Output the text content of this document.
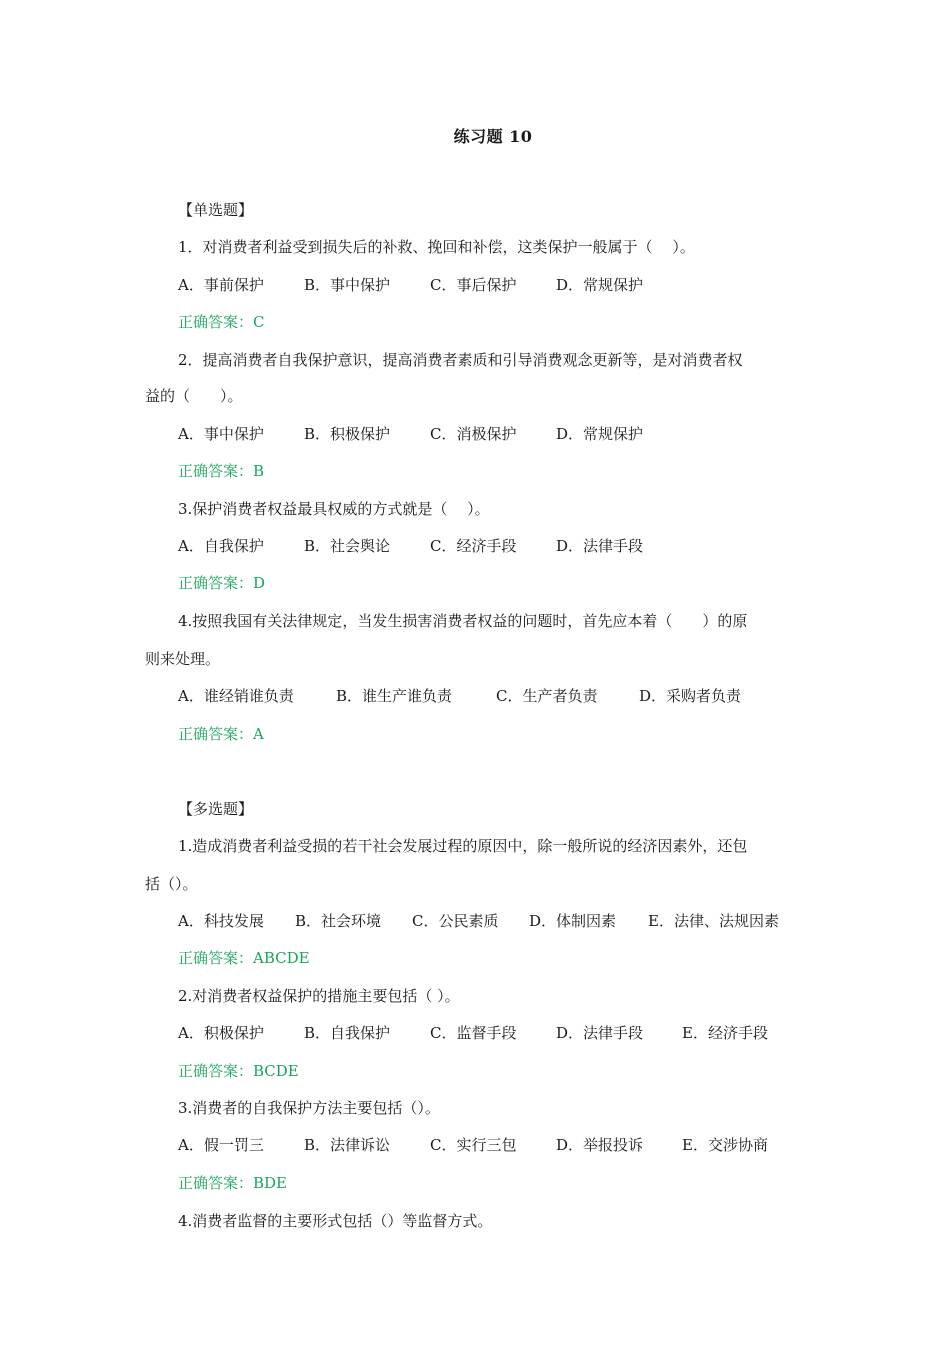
练习题 10
【单选题】
1．对消费者利益受到损失后的补救、挽回和补偿，这类保护一般属于（　 ）。
A．事前保护	B．事中保护	C．事后保护	D．常规保护
正确答案：C
2．提高消费者自我保护意识，提高消费者素质和引导消费观念更新等，是对消费者权
益的（　　）。
A．事中保护	B．积极保护	C．消极保护	D．常规保护
正确答案：B
3.保护消费者权益最具权威的方式就是（　 ）。
A．自我保护	B．社会舆论	C．经济手段	D．法律手段
正确答案：D
4.按照我国有关法律规定，当发生损害消费者权益的问题时，首先应本着（　　）的原
则来处理。
A．谁经销谁负责	B．谁生产谁负责	C．生产者负责	D．采购者负责
正确答案：A
【多选题】
1.造成消费者利益受损的若干社会发展过程的原因中，除一般所说的经济因素外，还包
括（）。
A．科技发展 B．社会环境 C．公民素质 D．体制因素 E．法律、法规因素
正确答案：ABCDE
2.对消费者权益保护的措施主要包括（ ）。
A．积极保护	B．自我保护	C．监督手段	D．法律手段	E．经济手段
正确答案：BCDE
3.消费者的自我保护方法主要包括（）。
A．假一罚三	B．法律诉讼	C．实行三包	D．举报投诉	E．交涉协商
正确答案：BDE
4.消费者监督的主要形式包括（）等监督方式。
